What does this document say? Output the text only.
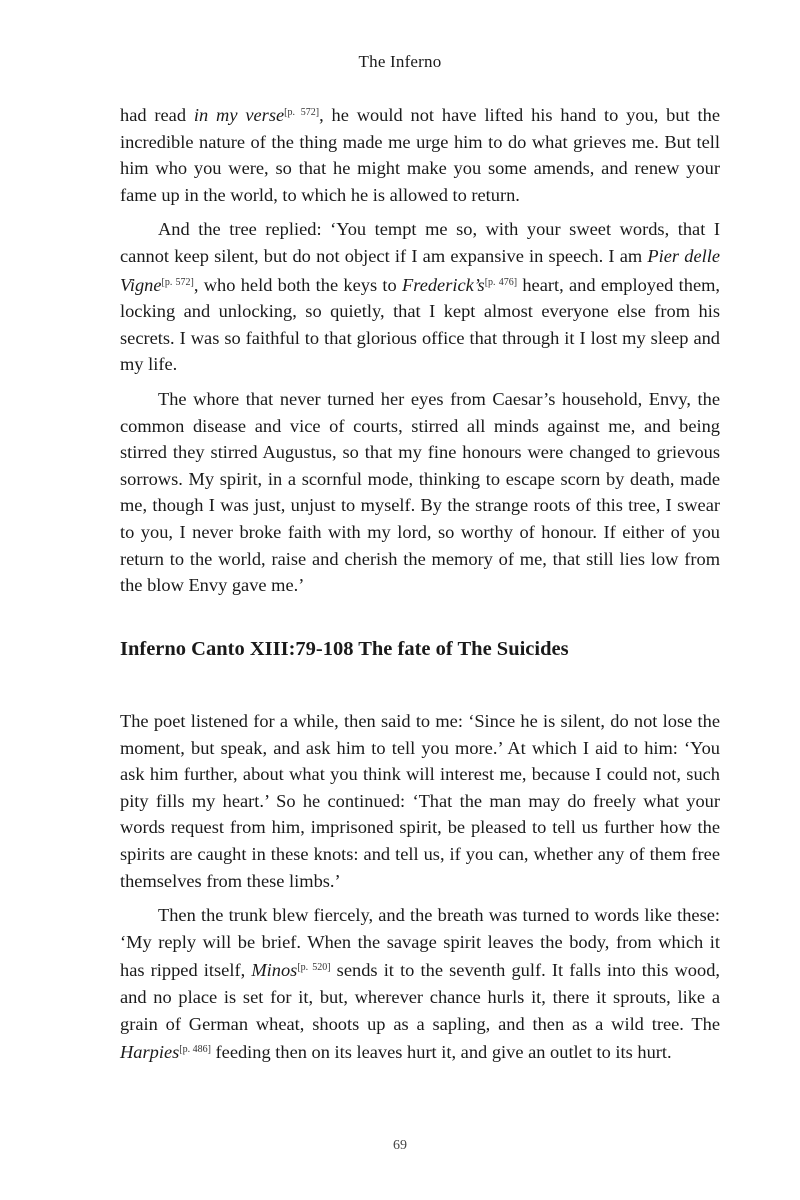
The Inferno

had read in my verse[p. 572], he would not have lifted his hand to you, but the incredible nature of the thing made me urge him to do what grieves me. But tell him who you were, so that he might make you some amends, and renew your fame up in the world, to which he is allowed to return.

And the tree replied: ‘You tempt me so, with your sweet words, that I cannot keep silent, but do not object if I am expansive in speech. I am Pier delle Vigne[p. 572], who held both the keys to Frederick’s[p. 476] heart, and employed them, locking and unlocking, so quietly, that I kept almost everyone else from his secrets. I was so faithful to that glorious office that through it I lost my sleep and my life.

The whore that never turned her eyes from Caesar’s household, Envy, the common disease and vice of courts, stirred all minds against me, and being stirred they stirred Augustus, so that my fine honours were changed to grievous sorrows. My spirit, in a scornful mode, thinking to escape scorn by death, made me, though I was just, unjust to myself. By the strange roots of this tree, I swear to you, I never broke faith with my lord, so worthy of honour. If either of you return to the world, raise and cherish the memory of me, that still lies low from the blow Envy gave me.’

Inferno Canto XIII:79-108 The fate of The Suicides

The poet listened for a while, then said to me: ‘Since he is silent, do not lose the moment, but speak, and ask him to tell you more.’ At which I aid to him: ‘You ask him further, about what you think will interest me, because I could not, such pity fills my heart.’ So he continued: ‘That the man may do freely what your words request from him, imprisoned spirit, be pleased to tell us further how the spirits are caught in these knots: and tell us, if you can, whether any of them free themselves from these limbs.’

Then the trunk blew fiercely, and the breath was turned to words like these: ‘My reply will be brief. When the savage spirit leaves the body, from which it has ripped itself, Minos[p. 520] sends it to the seventh gulf. It falls into this wood, and no place is set for it, but, wherever chance hurls it, there it sprouts, like a grain of German wheat, shoots up as a sapling, and then as a wild tree. The Harpies[p. 486] feeding then on its leaves hurt it, and give an outlet to its hurt.

69
